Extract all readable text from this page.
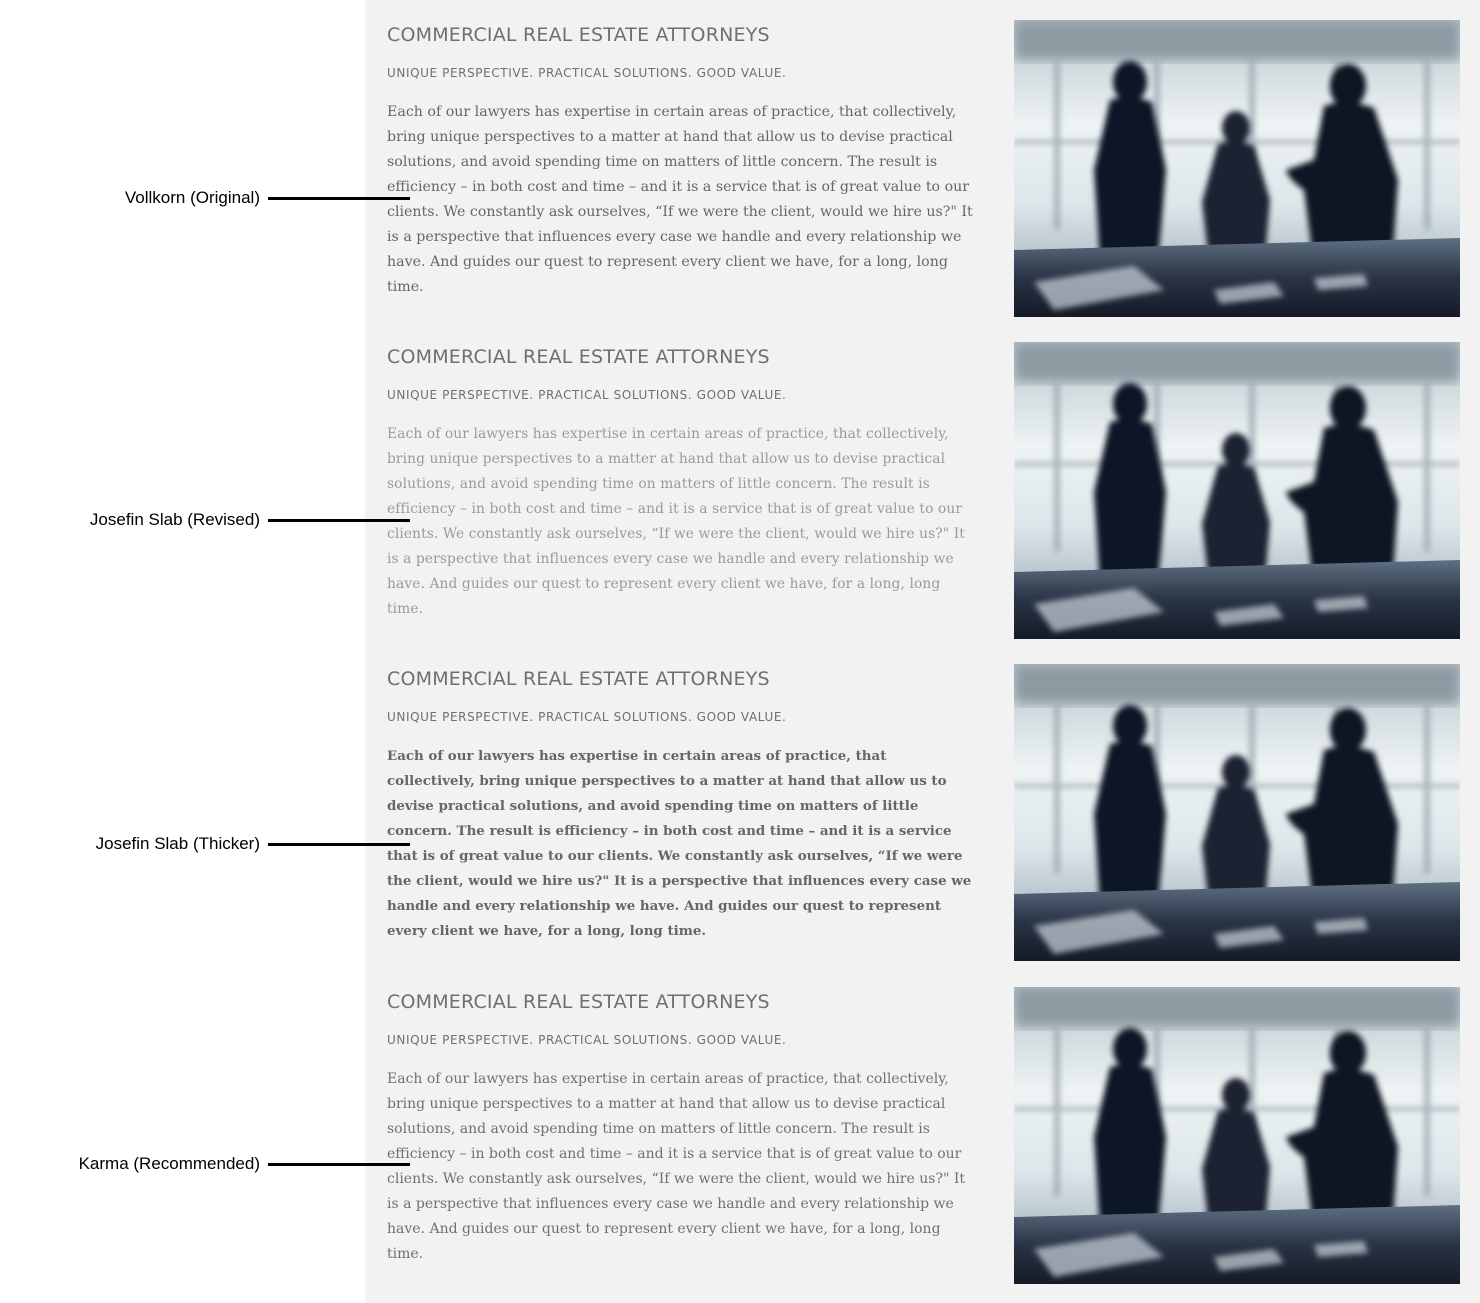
Vollkorn (Original)
COMMERCIAL REAL ESTATE ATTORNEYS
UNIQUE PERSPECTIVE. PRACTICAL SOLUTIONS. GOOD VALUE.

Each of our lawyers has expertise in certain areas of practice, that collectively, bring unique perspectives to a matter at hand that allow us to devise practical solutions, and avoid spending time on matters of little concern. The result is efficiency – in both cost and time – and it is a service that is of great value to our clients. We constantly ask ourselves, “If we were the client, would we hire us?" It is a perspective that influences every case we handle and every relationship we have. And guides our quest to represent every client we have, for a long, long time.

Josefin Slab (Revised)
COMMERCIAL REAL ESTATE ATTORNEYS
UNIQUE PERSPECTIVE. PRACTICAL SOLUTIONS. GOOD VALUE.

Each of our lawyers has expertise in certain areas of practice, that collectively, bring unique perspectives to a matter at hand that allow us to devise practical solutions, and avoid spending time on matters of little concern. The result is efficiency – in both cost and time – and it is a service that is of great value to our clients. We constantly ask ourselves, “If we were the client, would we hire us?" It is a perspective that influences every case we handle and every relationship we have. And guides our quest to represent every client we have, for a long, long time.

Josefin Slab (Thicker)
COMMERCIAL REAL ESTATE ATTORNEYS
UNIQUE PERSPECTIVE. PRACTICAL SOLUTIONS. GOOD VALUE.

Each of our lawyers has expertise in certain areas of practice, that collectively, bring unique perspectives to a matter at hand that allow us to devise practical solutions, and avoid spending time on matters of little concern. The result is efficiency – in both cost and time – and it is a service that is of great value to our clients. We constantly ask ourselves, “If we were the client, would we hire us?" It is a perspective that influences every case we handle and every relationship we have. And guides our quest to represent every client we have, for a long, long time.

Karma (Recommended)
COMMERCIAL REAL ESTATE ATTORNEYS
UNIQUE PERSPECTIVE. PRACTICAL SOLUTIONS. GOOD VALUE.

Each of our lawyers has expertise in certain areas of practice, that collectively, bring unique perspectives to a matter at hand that allow us to devise practical solutions, and avoid spending time on matters of little concern. The result is efficiency – in both cost and time – and it is a service that is of great value to our clients. We constantly ask ourselves, “If we were the client, would we hire us?" It is a perspective that influences every case we handle and every relationship we have. And guides our quest to represent every client we have, for a long, long time.
